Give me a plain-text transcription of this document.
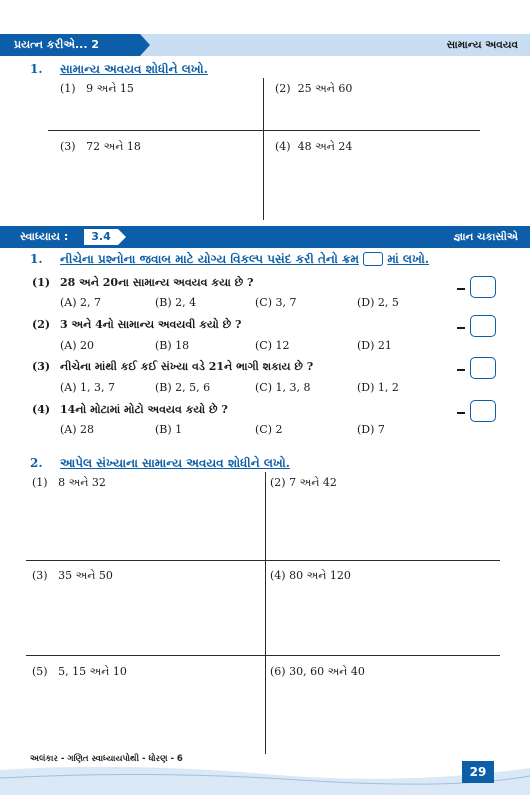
પ્રયત્ન કરીએ... 2	સામાન્ય અવયવ
1. સામાન્ય અવયવ શોધીને લખો.
(1) 9 અને 15	(2) 25 અને 60
(3) 72 અને 18	(4) 48 અને 24
સ્વાધ્યાય :	3.4	જ્ઞાન ચકાસીએ
1. નીચેના પ્રશ્નોના જવાબ માટે યોગ્ય વિકલ્પ પસંદ કરી તેનો ક્રમ માં લખો.
(1) 28 અને 20ના સામાન્ય અવયવ કયા છે ?
(A) 2, 7	(B) 2, 4	(C) 3, 7	(D) 2, 5
(2) 3 અને 4નો સામાન્ય અવયવી કયો છે ?
(A) 20	(B) 18	(C) 12	(D) 21
(3) નીચેના માંથી કઈ કઈ સંખ્યા વડે 21ને ભાગી શકાય છે ?
(A) 1, 3, 7	(B) 2, 5, 6	(C) 1, 3, 8	(D) 1, 2
(4) 14નો મોટામાં મોટો અવયવ કયો છે ?
(A) 28	(B) 1	(C) 2	(D) 7
2. આપેલ સંખ્યાના સામાન્ય અવયવ શોધીને લખો.
(1) 8 અને 32	(2) 7 અને 42
(3) 35 અને 50	(4) 80 અને 120
(5) 5, 15 અને 10	(6) 30, 60 અને 40
અલંકાર - ગણિત સ્વાધ્યાયપોથી - ધોરણ - 6
29
